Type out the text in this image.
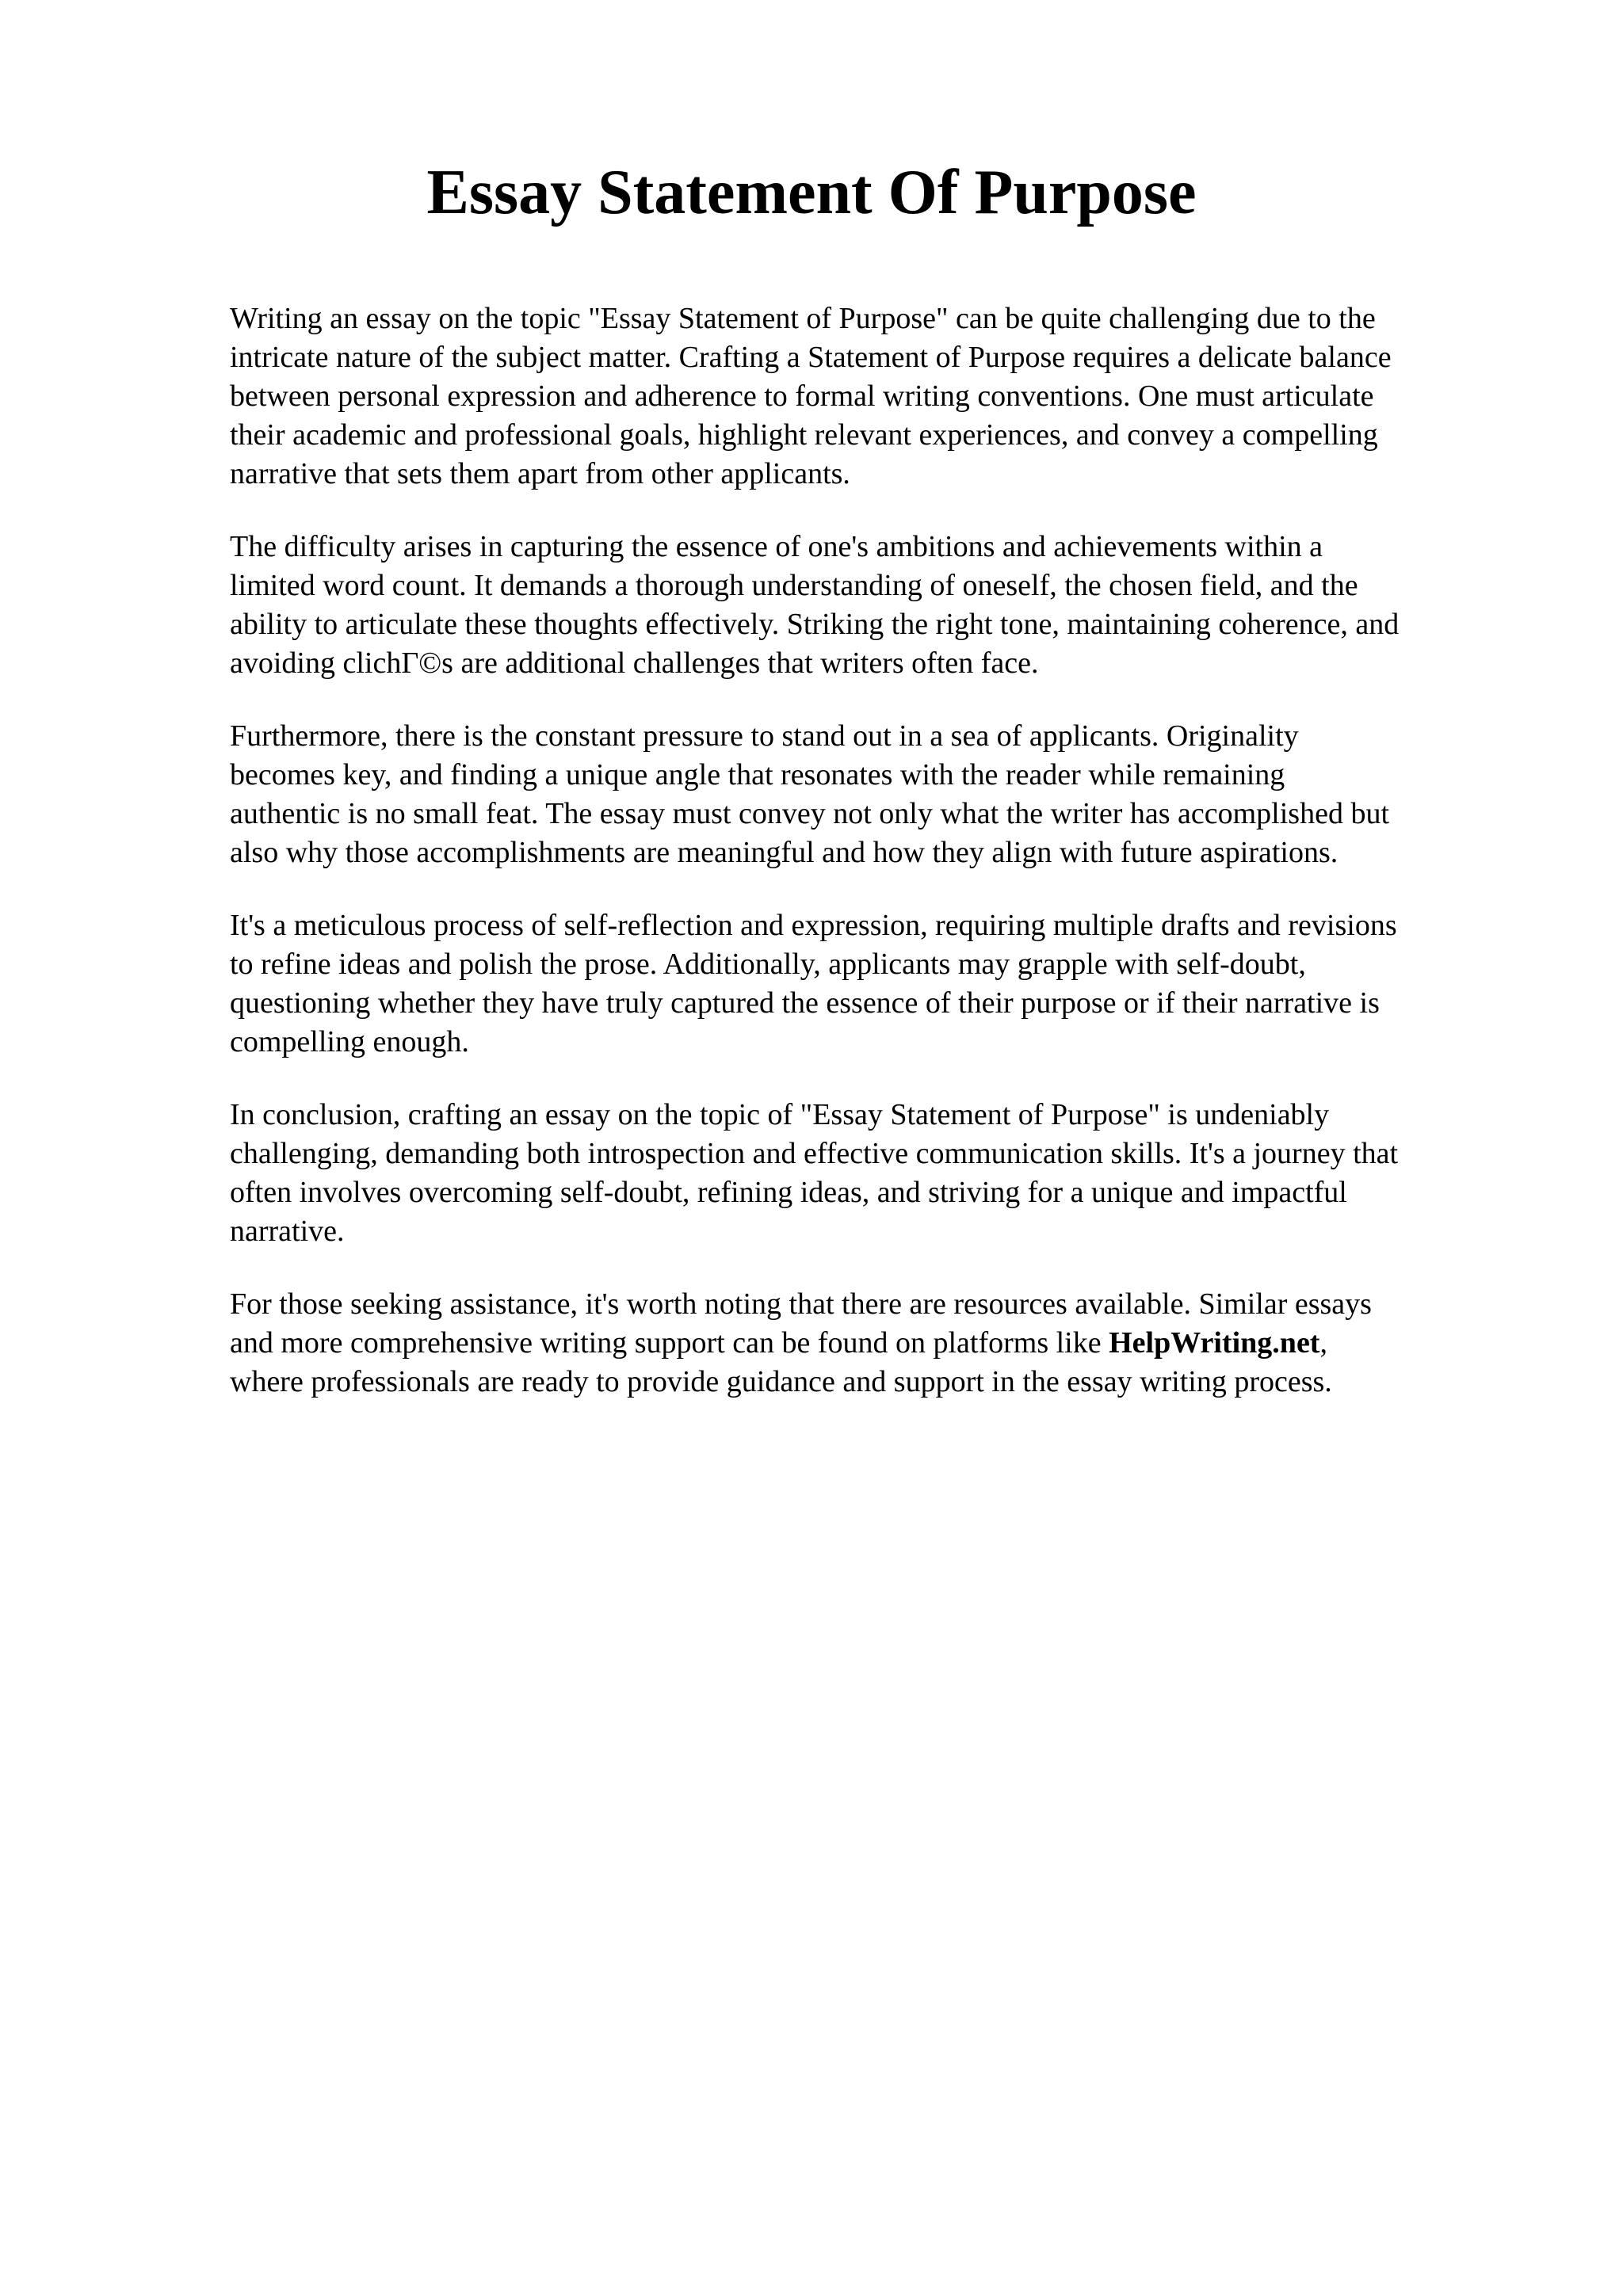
Essay Statement Of Purpose

Writing an essay on the topic "Essay Statement of Purpose" can be quite challenging due to the
intricate nature of the subject matter. Crafting a Statement of Purpose requires a delicate balance
between personal expression and adherence to formal writing conventions. One must articulate
their academic and professional goals, highlight relevant experiences, and convey a compelling
narrative that sets them apart from other applicants.

The difficulty arises in capturing the essence of one's ambitions and achievements within a
limited word count. It demands a thorough understanding of oneself, the chosen field, and the
ability to articulate these thoughts effectively. Striking the right tone, maintaining coherence, and
avoiding clichГ©s are additional challenges that writers often face.

Furthermore, there is the constant pressure to stand out in a sea of applicants. Originality
becomes key, and finding a unique angle that resonates with the reader while remaining
authentic is no small feat. The essay must convey not only what the writer has accomplished but
also why those accomplishments are meaningful and how they align with future aspirations.

It's a meticulous process of self-reflection and expression, requiring multiple drafts and revisions
to refine ideas and polish the prose. Additionally, applicants may grapple with self-doubt,
questioning whether they have truly captured the essence of their purpose or if their narrative is
compelling enough.

In conclusion, crafting an essay on the topic of "Essay Statement of Purpose" is undeniably
challenging, demanding both introspection and effective communication skills. It's a journey that
often involves overcoming self-doubt, refining ideas, and striving for a unique and impactful
narrative.

For those seeking assistance, it's worth noting that there are resources available. Similar essays
and more comprehensive writing support can be found on platforms like HelpWriting.net,
where professionals are ready to provide guidance and support in the essay writing process.
